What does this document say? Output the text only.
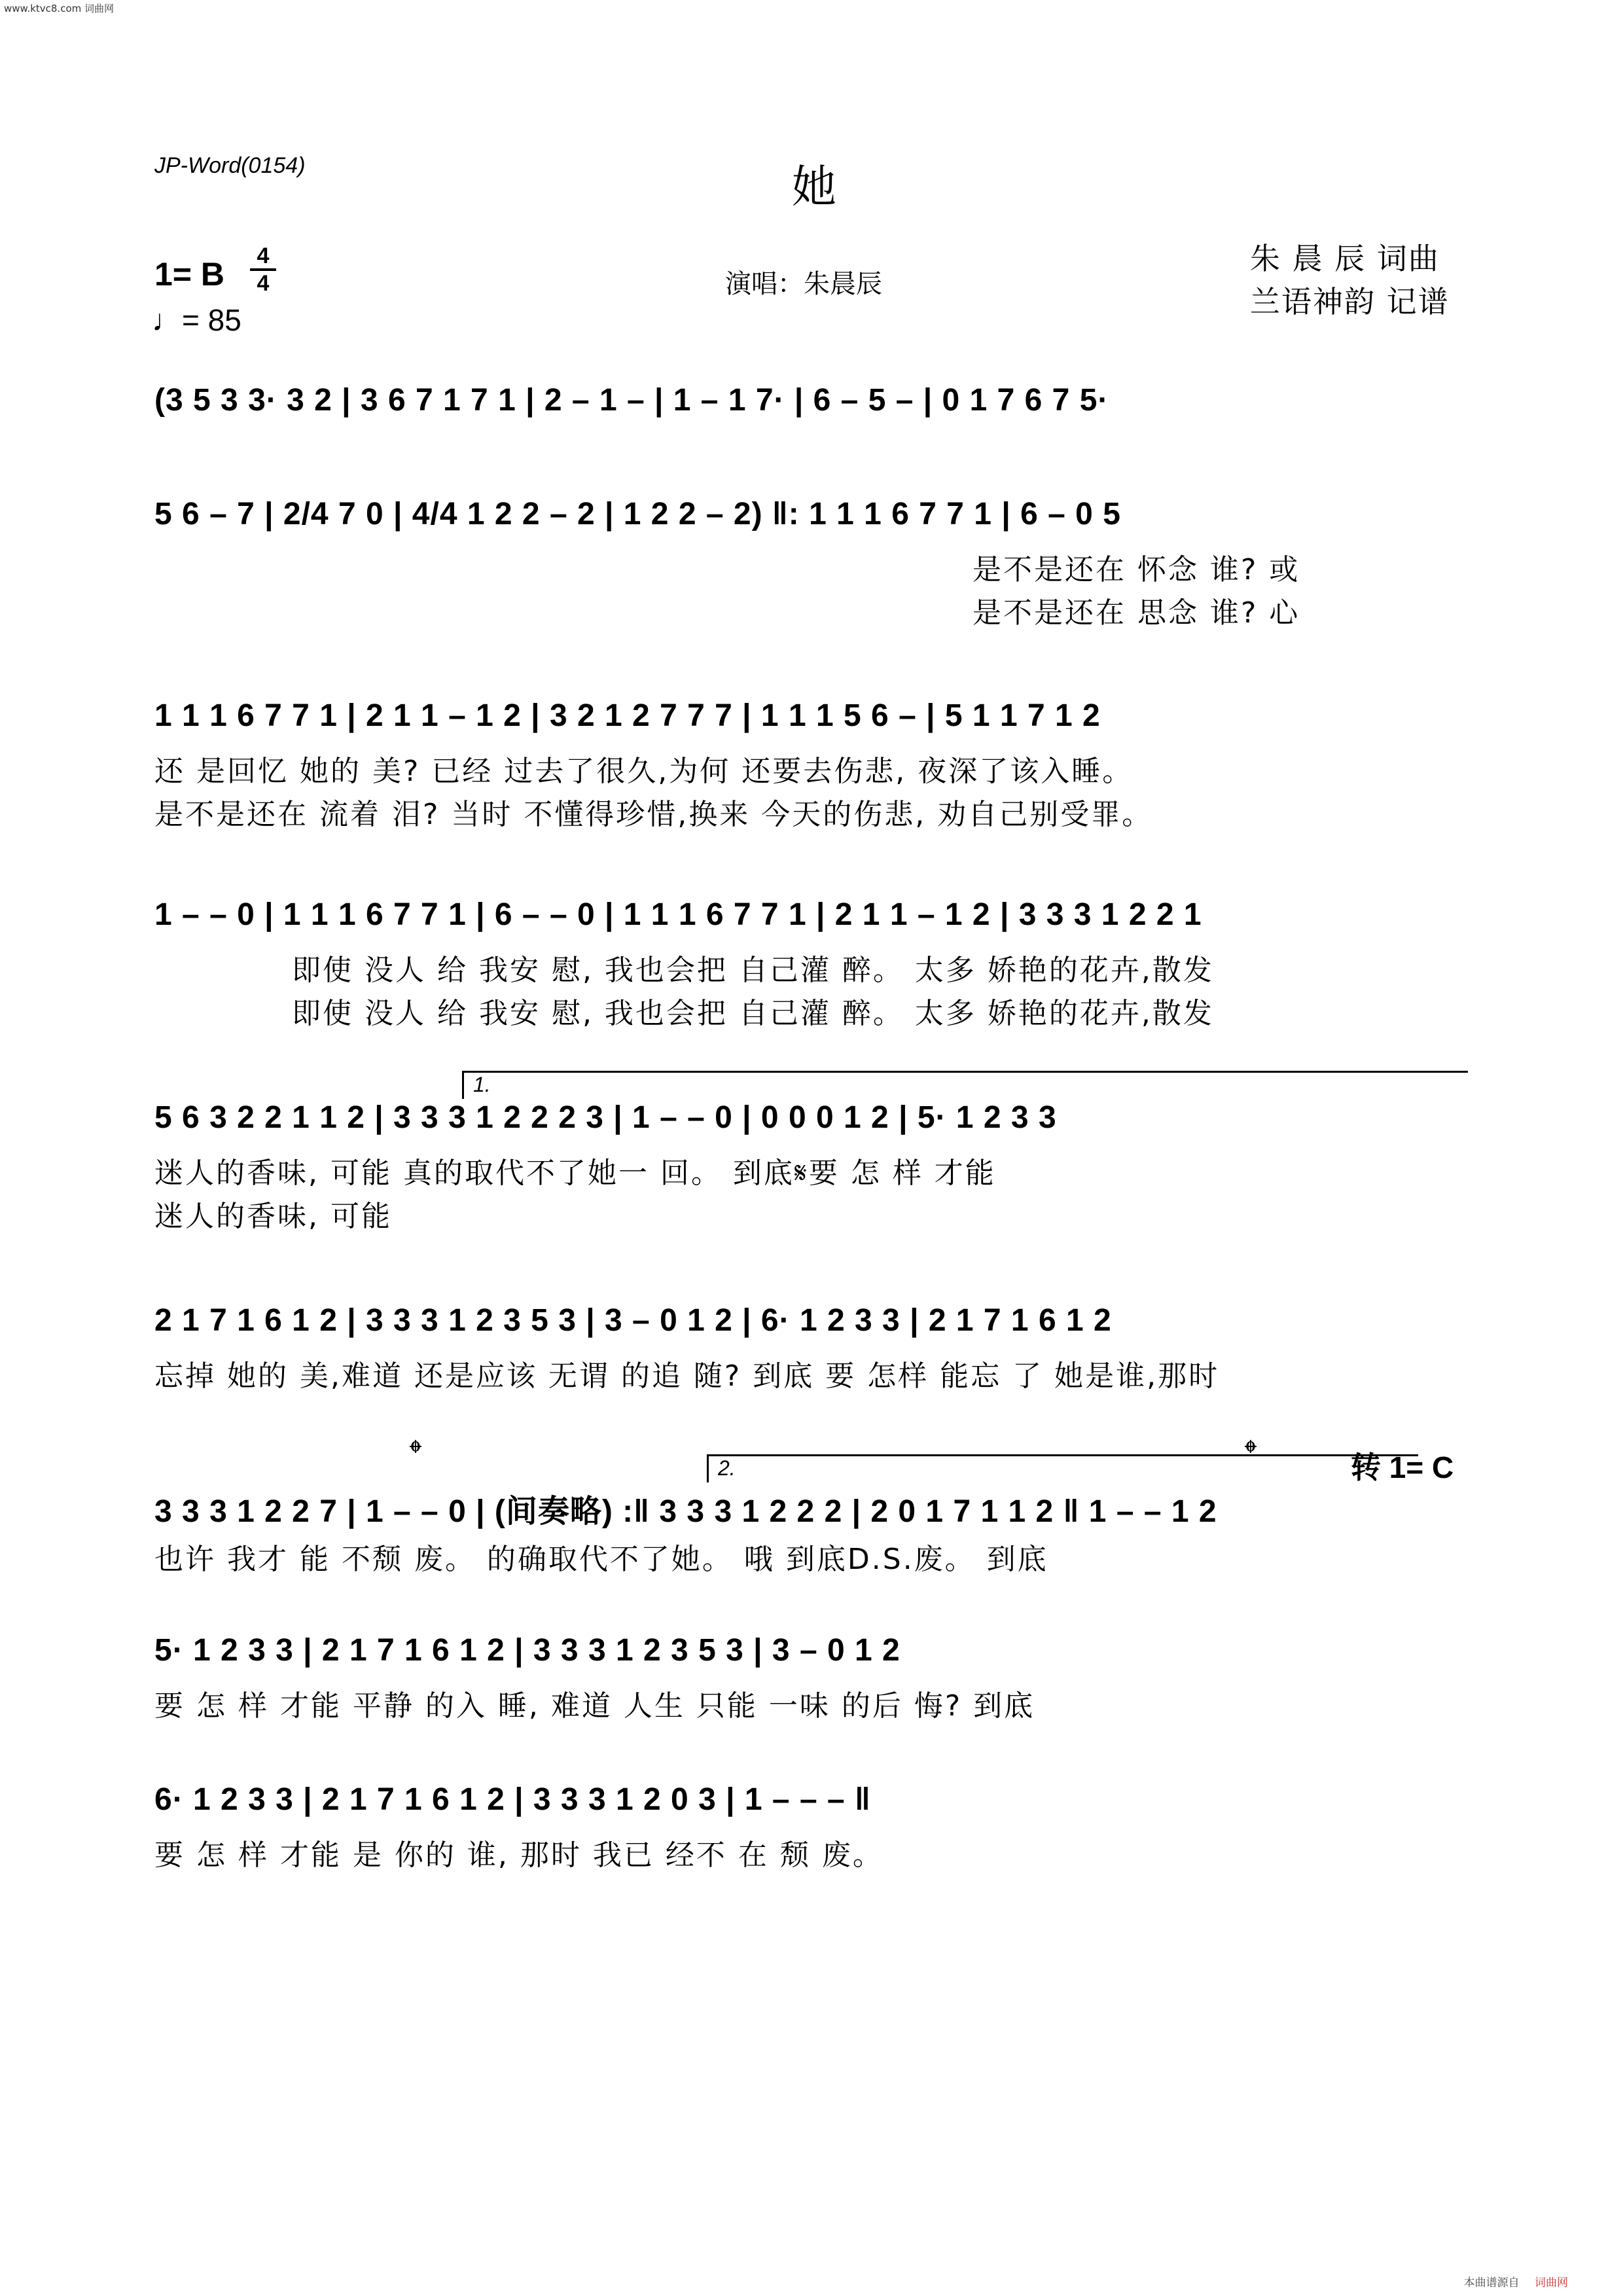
www.ktvc8.com 词曲网
JP-Word(0154)	她
1= B	4
4
♩= 85
演唱：朱晨辰
朱 晨 辰 词曲
兰语神韵 记谱
(3 5 3 3· 3 2 | 3 6 7 1 7 1 | 2 – 1 – | 1 – 1 7· | 6 – 5 – | 0 1 7 6 7 5·
5 6 – 7 | 2/4 7 0 | 4/4 1 2 2 – 2 | 1 2 2 – 2) ‖: 1 1 1 6 7 7 1 | 6 – 0 5
是不是还在 怀念 谁? 或
是不是还在 思念 谁? 心
1 1 1 6 7 7 1 | 2 1 1 – 1 2 | 3 2 1 2 7 7 7 | 1 1 1 5 6 – | 5 1 1 7 1 2
还 是回忆 她的 美? 已经 过去了很久,为何 还要去伤悲, 夜深了该入睡。
是不是还在 流着 泪? 当时 不懂得珍惜,换来 今天的伤悲, 劝自己别受罪。
1 – – 0 | 1 1 1 6 7 7 1 | 6 – – 0 | 1 1 1 6 7 7 1 | 2 1 1 – 1 2 | 3 3 3 1 2 2 1
即使 没人 给 我安 慰, 我也会把 自己灌 醉。 太多 娇艳的花卉,散发
即使 没人 给 我安 慰, 我也会把 自己灌 醉。 太多 娇艳的花卉,散发
1.
5 6 3 2 2 1 1 2 | 3 3 3 1 2 2 2 3 | 1 – – 0 | 0 0 0 1 2 | 5· 1 2 3 3
迷人的香味, 可能 真的取代不了她一 回。 到底𝄋要 怎 样 才能
迷人的香味, 可能
2 1 7 1 6 1 2 | 3 3 3 1 2 3 5 3 | 3 – 0 1 2 | 6· 1 2 3 3 | 2 1 7 1 6 1 2
忘掉 她的 美,难道 还是应该 无谓 的追 随? 到底 要 怎样 能忘 了 她是谁,那时
𝄌	2.	𝄌	转 1= C
3 3 3 1 2 2 7 | 1 – – 0 | (间奏略) :‖ 3 3 3 1 2 2 2 | 2 0 1 7 1 1 2 ‖ 1 – – 1 2
也许 我才 能 不颓 废。 的确取代不了她。 哦 到底D.S.废。 到底
5· 1 2 3 3 | 2 1 7 1 6 1 2 | 3 3 3 1 2 3 5 3 | 3 – 0 1 2
要 怎 样 才能 平静 的入 睡, 难道 人生 只能 一味 的后 悔? 到底
6· 1 2 3 3 | 2 1 7 1 6 1 2 | 3 3 3 1 2 0 3 | 1 – – – ‖
要 怎 样 才能 是 你的 谁, 那时 我已 经不 在 颓 废。
本曲谱源自 词曲网
